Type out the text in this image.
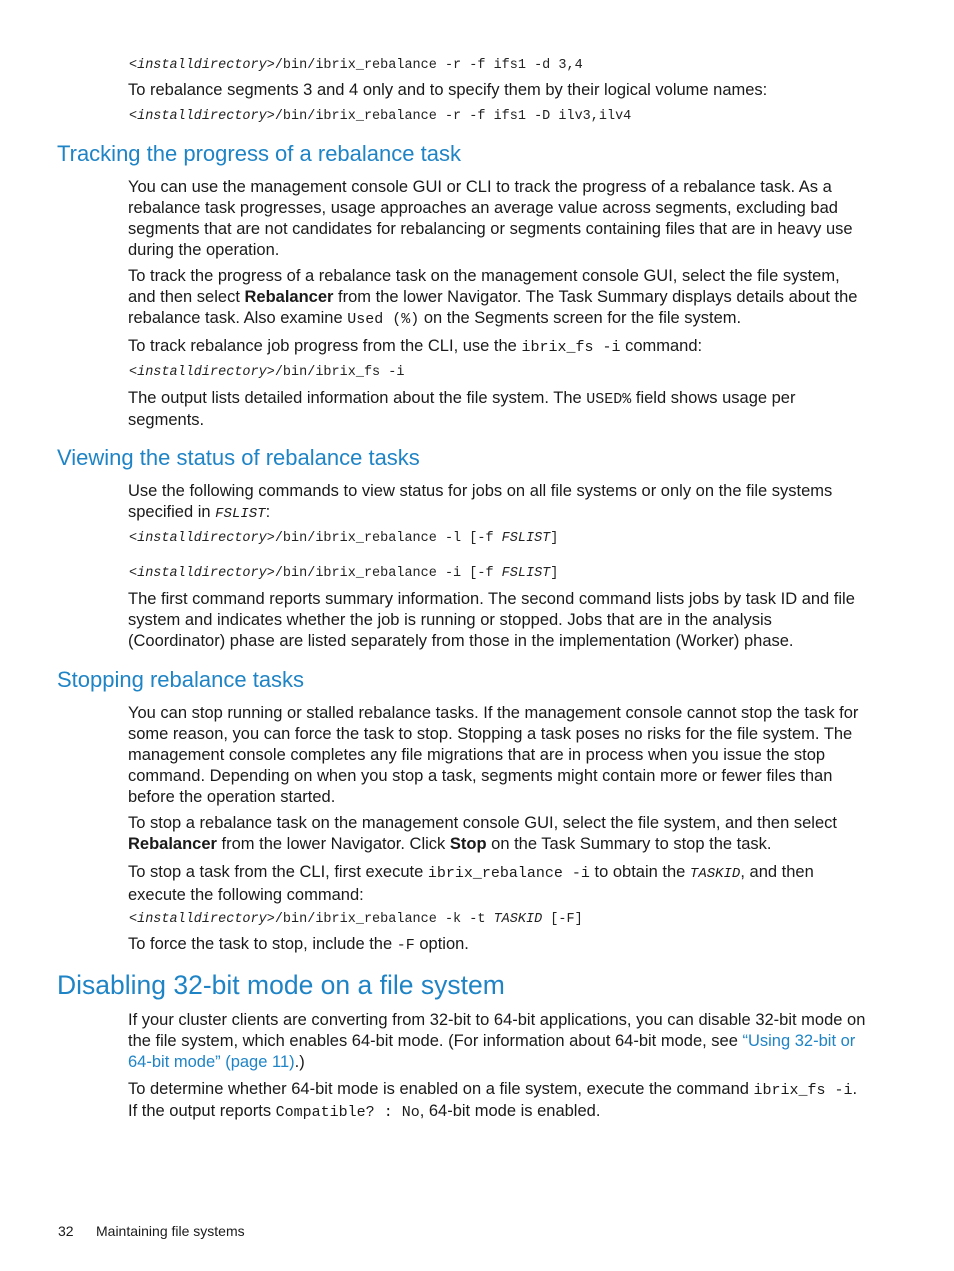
<installdirectory>/bin/ibrix_rebalance -r -f ifs1 -d 3,4
To rebalance segments 3 and 4 only and to specify them by their logical volume names:
<installdirectory>/bin/ibrix_rebalance -r -f ifs1 -D ilv3,ilv4
Tracking the progress of a rebalance task
You can use the management console GUI or CLI to track the progress of a rebalance task. As a rebalance task progresses, usage approaches an average value across segments, excluding bad segments that are not candidates for rebalancing or segments containing files that are in heavy use during the operation.
To track the progress of a rebalance task on the management console GUI, select the file system, and then select Rebalancer from the lower Navigator. The Task Summary displays details about the rebalance task. Also examine Used (%) on the Segments screen for the file system.
To track rebalance job progress from the CLI, use the ibrix_fs -i command:
<installdirectory>/bin/ibrix_fs -i
The output lists detailed information about the file system. The USED% field shows usage per segments.
Viewing the status of rebalance tasks
Use the following commands to view status for jobs on all file systems or only on the file systems specified in FSLIST:
<installdirectory>/bin/ibrix_rebalance -l [-f FSLIST]
<installdirectory>/bin/ibrix_rebalance -i [-f FSLIST]
The first command reports summary information. The second command lists jobs by task ID and file system and indicates whether the job is running or stopped. Jobs that are in the analysis (Coordinator) phase are listed separately from those in the implementation (Worker) phase.
Stopping rebalance tasks
You can stop running or stalled rebalance tasks. If the management console cannot stop the task for some reason, you can force the task to stop. Stopping a task poses no risks for the file system. The management console completes any file migrations that are in process when you issue the stop command. Depending on when you stop a task, segments might contain more or fewer files than before the operation started.
To stop a rebalance task on the management console GUI, select the file system, and then select Rebalancer from the lower Navigator. Click Stop on the Task Summary to stop the task.
To stop a task from the CLI, first execute ibrix_rebalance -i to obtain the TASKID, and then execute the following command:
<installdirectory>/bin/ibrix_rebalance -k -t TASKID [-F]
To force the task to stop, include the -F option.
Disabling 32-bit mode on a file system
If your cluster clients are converting from 32-bit to 64-bit applications, you can disable 32-bit mode on the file system, which enables 64-bit mode. (For information about 64-bit mode, see “Using 32-bit or 64-bit mode” (page 11).)
To determine whether 64-bit mode is enabled on a file system, execute the command ibrix_fs -i. If the output reports Compatible? : No, 64-bit mode is enabled.
32 Maintaining file systems
